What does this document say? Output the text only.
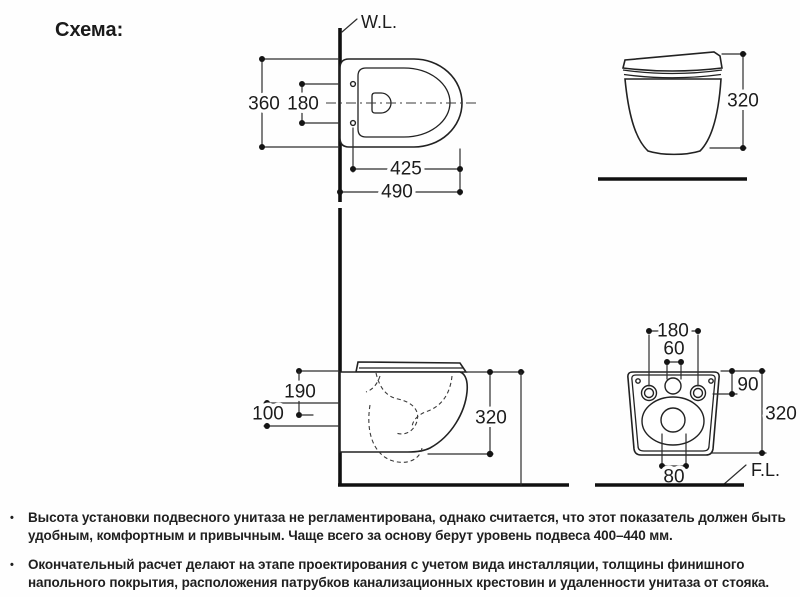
Схема:	W.L.
360 180
425
490
320
190
100	320
180
60
90
320
80	F.L.
•	Высота установки подвесного унитаза не регламентирована, однако считается, что этот показатель должен быть удобным, комфортным и привычным. Чаще всего за основу берут уровень подвеса 400–440 мм.
•	Окончательный расчет делают на этапе проектирования с учетом вида инсталляции, толщины финишного напольного покрытия, расположения патрубков канализационных крестовин и удаленности унитаза от стояка.
